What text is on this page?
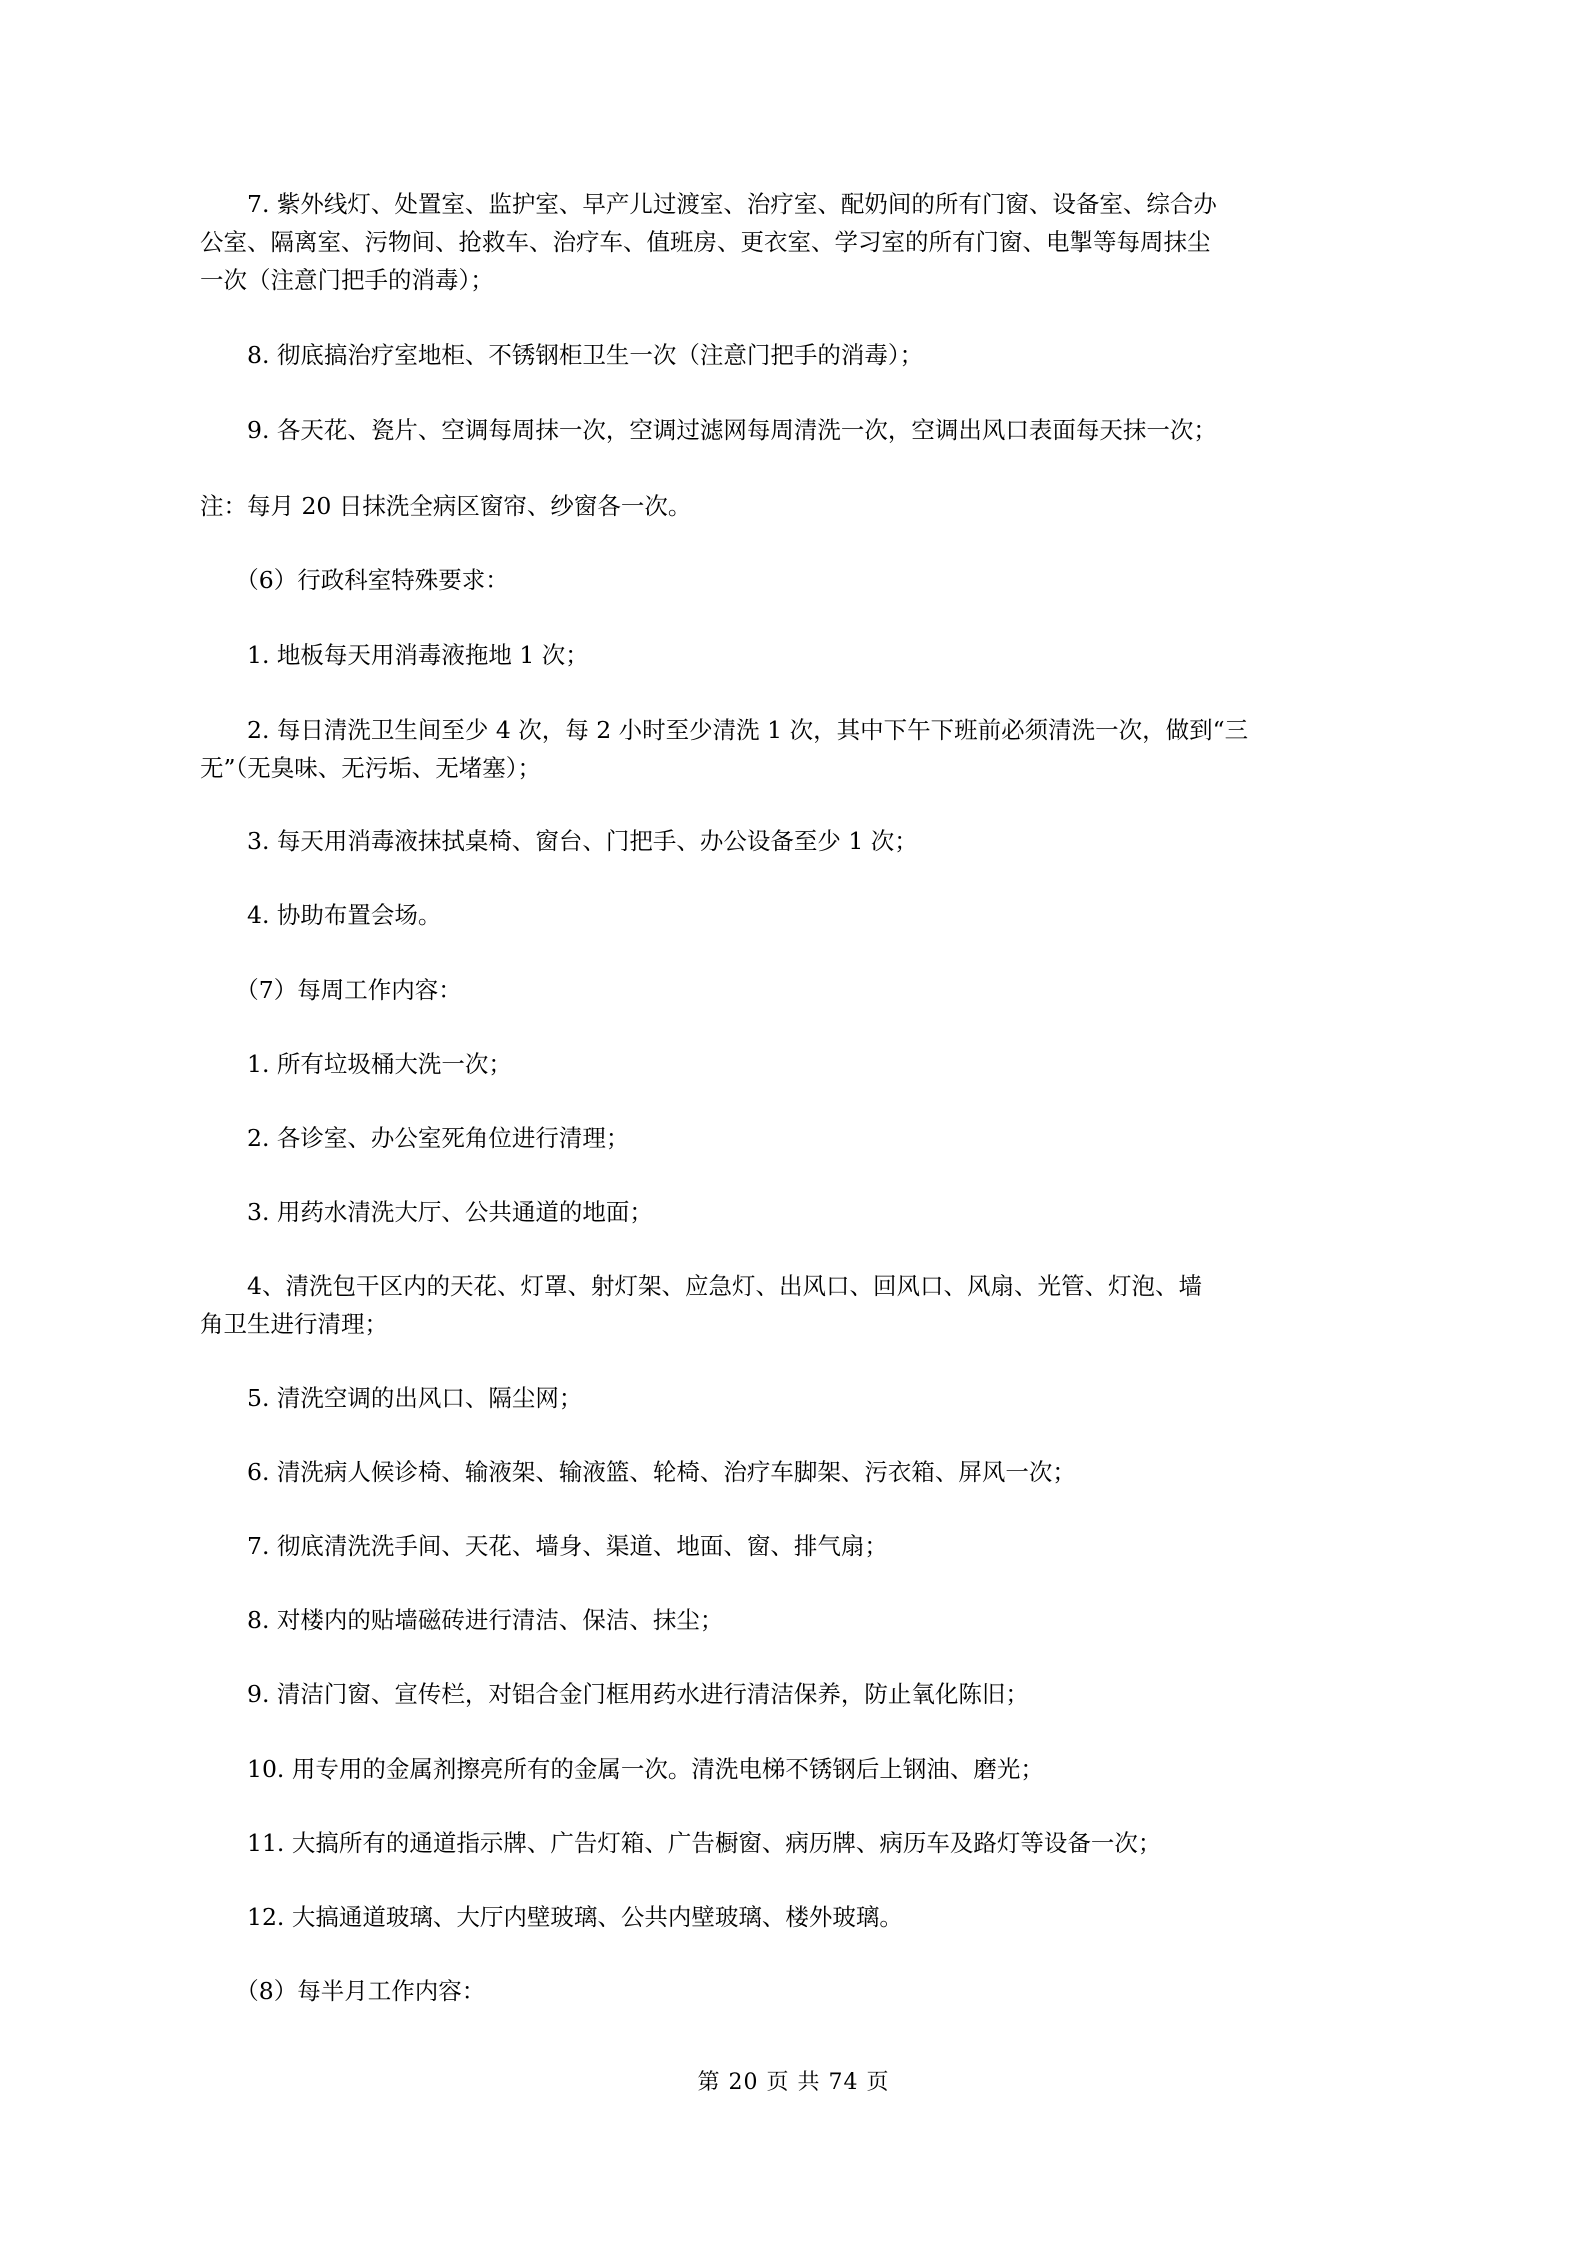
　　7. 紫外线灯、处置室、监护室、早产儿过渡室、治疗室、配奶间的所有门窗、设备室、综合办
公室、隔离室、污物间、抢救车、治疗车、值班房、更衣室、学习室的所有门窗、电掣等每周抹尘
一次（注意门把手的消毒）；
　　8. 彻底搞治疗室地柜、不锈钢柜卫生一次（注意门把手的消毒）；
　　9. 各天花、瓷片、空调每周抹一次，空调过滤网每周清洗一次，空调出风口表面每天抹一次；
注：每月 20 日抹洗全病区窗帘、纱窗各一次。
　　（6）行政科室特殊要求：
　　1. 地板每天用消毒液拖地 1 次；
　　2. 每日清洗卫生间至少 4 次，每 2 小时至少清洗 1 次，其中下午下班前必须清洗一次，做到“三
无”（无臭味、无污垢、无堵塞）；
　　3. 每天用消毒液抹拭桌椅、窗台、门把手、办公设备至少 1 次；
　　4. 协助布置会场。
　　（7）每周工作内容：
　　1. 所有垃圾桶大洗一次；
　　2. 各诊室、办公室死角位进行清理；
　　3. 用药水清洗大厅、公共通道的地面；
　　4、清洗包干区内的天花、灯罩、射灯架、应急灯、出风口、回风口、风扇、光管、灯泡、墙
角卫生进行清理；
　　5. 清洗空调的出风口、隔尘网；
　　6. 清洗病人候诊椅、输液架、输液篮、轮椅、治疗车脚架、污衣箱、屏风一次；
　　7. 彻底清洗洗手间、天花、墙身、渠道、地面、窗、排气扇；
　　8. 对楼内的贴墙磁砖进行清洁、保洁、抹尘；
　　9. 清洁门窗、宣传栏，对铝合金门框用药水进行清洁保养，防止氧化陈旧；
　　10. 用专用的金属剂擦亮所有的金属一次。清洗电梯不锈钢后上钢油、磨光；
　　11. 大搞所有的通道指示牌、广告灯箱、广告橱窗、病历牌、病历车及路灯等设备一次；
　　12. 大搞通道玻璃、大厅内壁玻璃、公共内壁玻璃、楼外玻璃。
　　（8）每半月工作内容：
第 20 页 共 74 页
